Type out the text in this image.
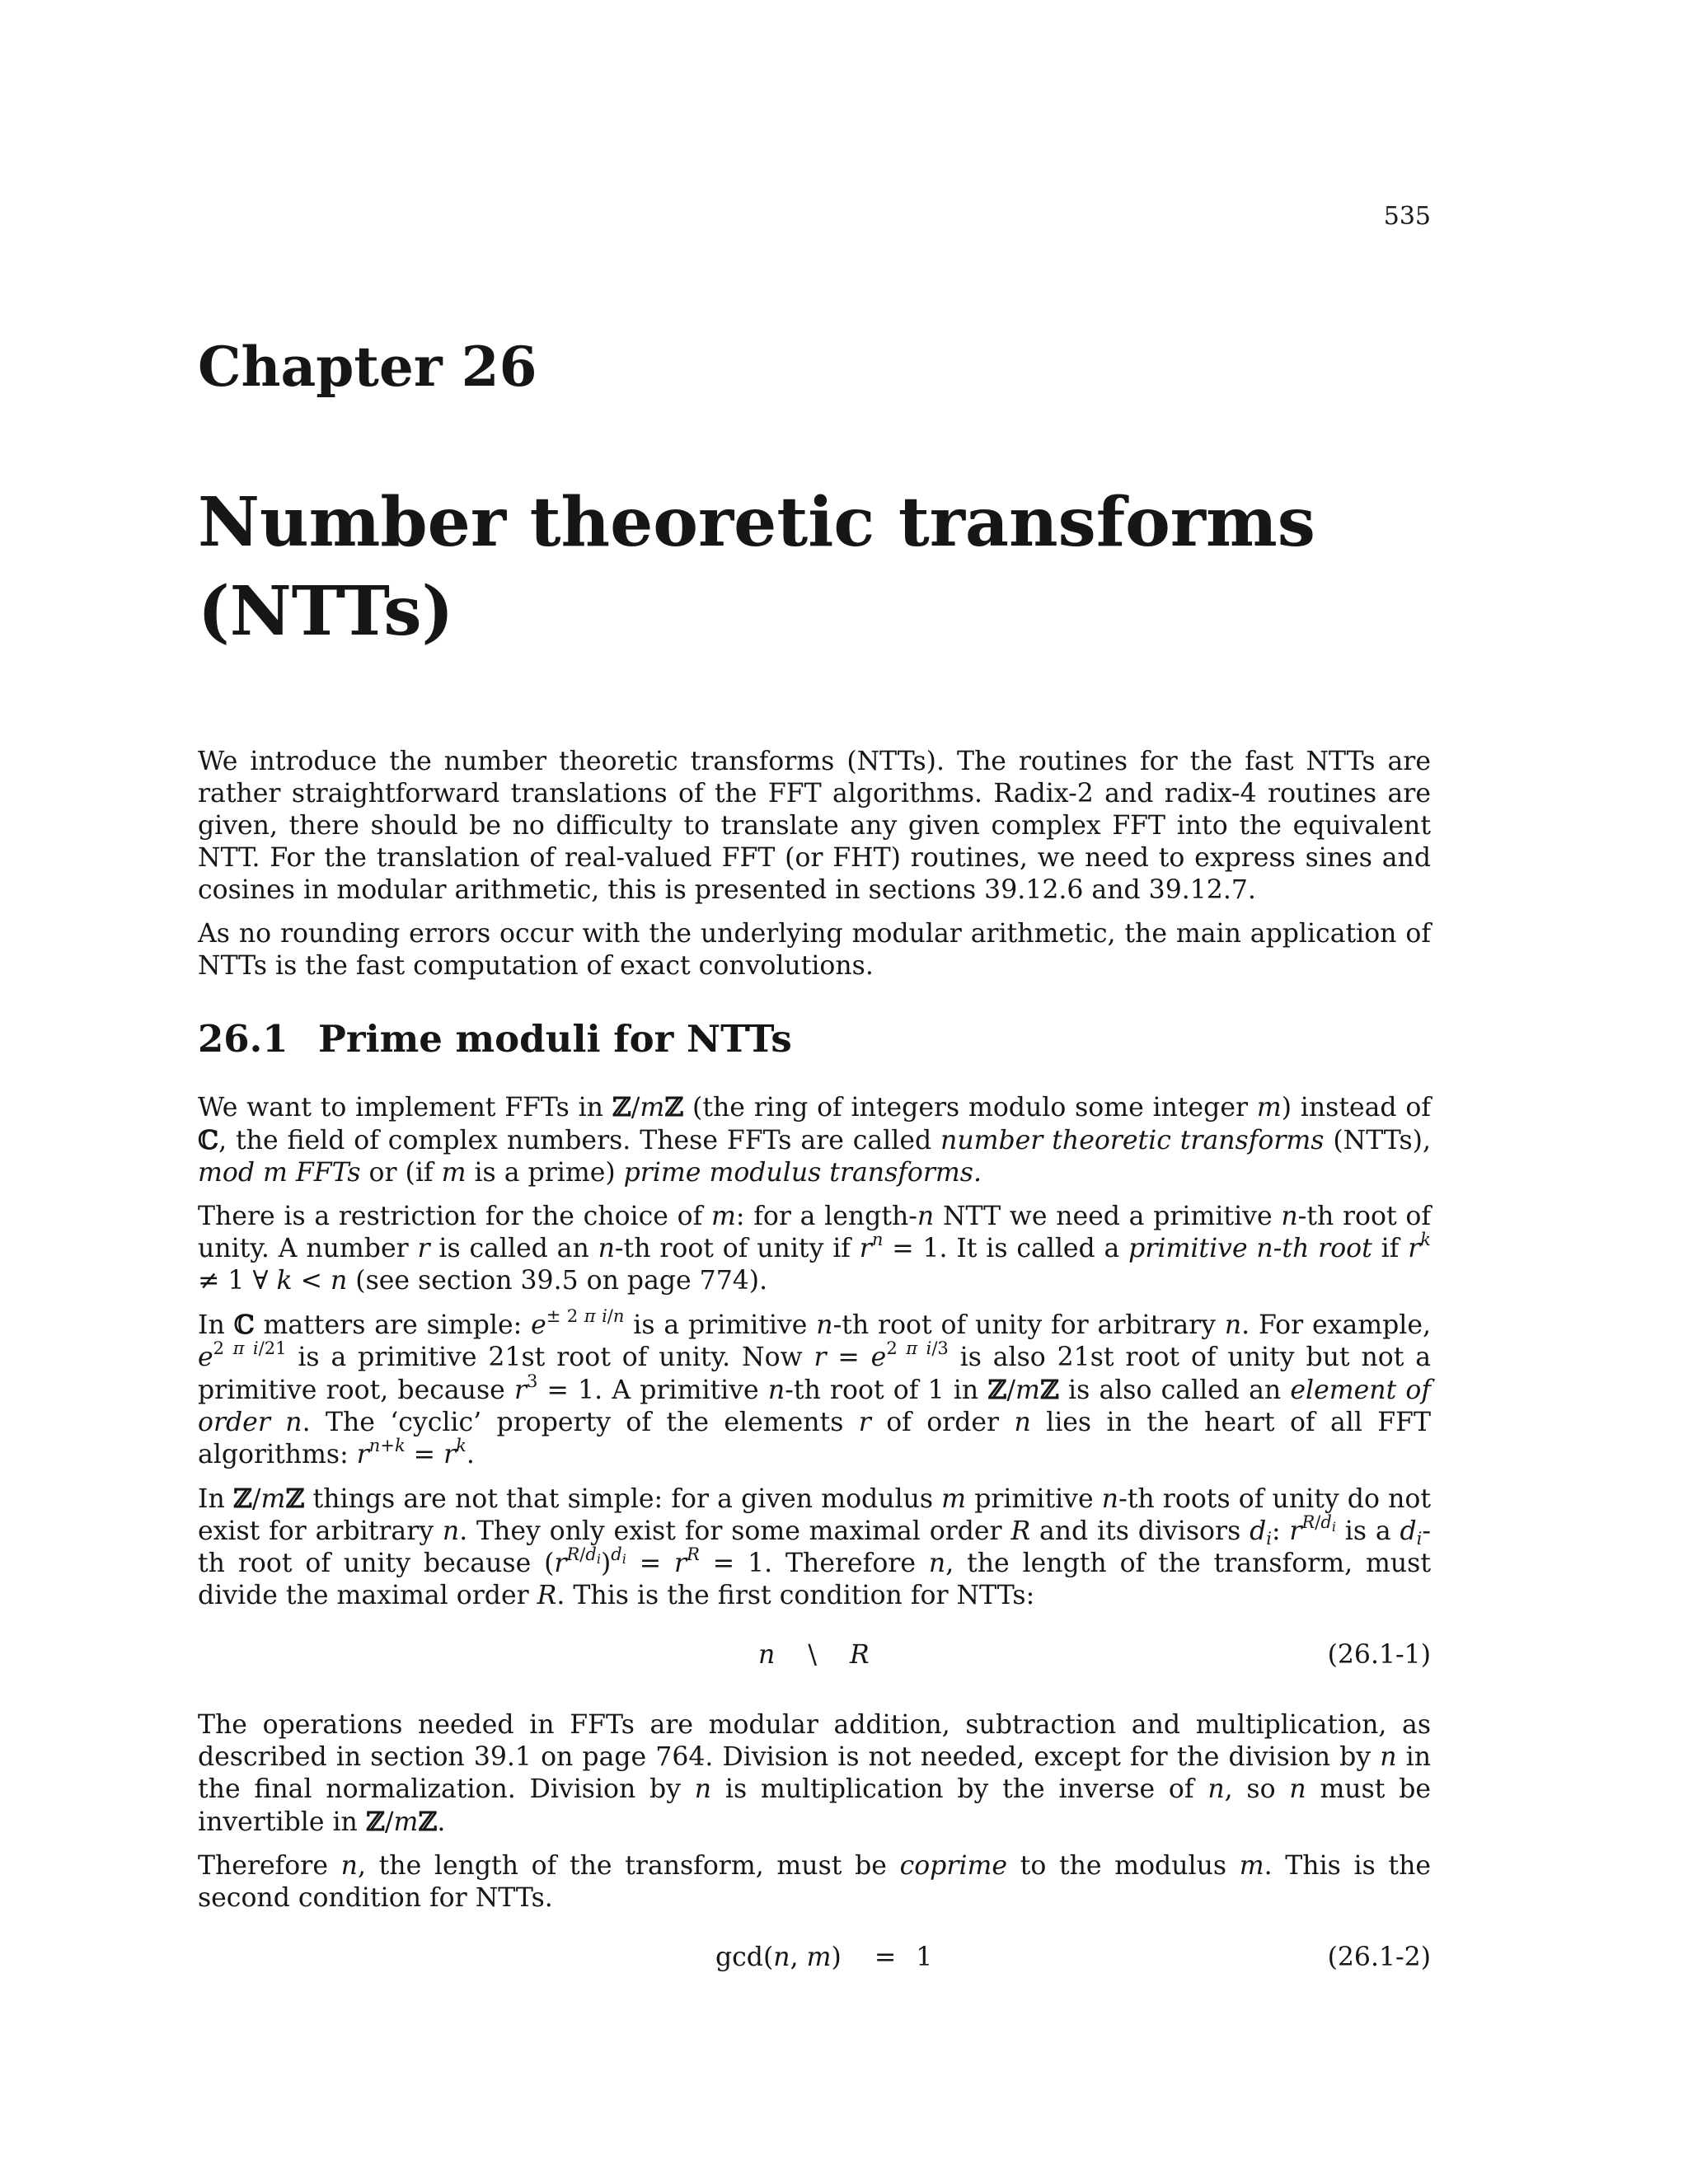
535
Chapter 26
Number theoretic transforms
(NTTs)

We introduce the number theoretic transforms (NTTs). The routines for the fast NTTs are rather straightforward translations of the FFT algorithms. Radix-2 and radix-4 routines are given, there should be no difficulty to translate any given complex FFT into the equivalent NTT. For the translation of real-valued FFT (or FHT) routines, we need to express sines and cosines in modular arithmetic, this is presented in sections 39.12.6 and 39.12.7.

As no rounding errors occur with the underlying modular arithmetic, the main application of NTTs is the fast computation of exact convolutions.

26.1 Prime moduli for NTTs

We want to implement FFTs in ℤ/mℤ (the ring of integers modulo some integer m) instead of ℂ, the field of complex numbers. These FFTs are called number theoretic transforms (NTTs), mod m FFTs or (if m is a prime) prime modulus transforms.

There is a restriction for the choice of m: for a length-n NTT we need a primitive n-th root of unity. A number r is called an n-th root of unity if $r^n = 1$. It is called a primitive n-th root if $r^k \ne 1$ ∀ k < n (see section 39.5 on page 774).

In ℂ matters are simple: $e^{\pm 2 \pi i/n}$ is a primitive n-th root of unity for arbitrary n. For example, $e^{2 \pi i/21}$ is a primitive 21st root of unity. Now $r = e^{2 \pi i/3}$ is also 21st root of unity but not a primitive root, because $r^3 = 1$. A primitive n-th root of 1 in ℤ/mℤ is also called an element of order n. The ‘cyclic’ property of the elements r of order n lies in the heart of all FFT algorithms: $r^{n+k} = r^k$.

In ℤ/mℤ things are not that simple: for a given modulus m primitive n-th roots of unity do not exist for arbitrary n. They only exist for some maximal order R and its divisors $d_i$: $r^{R/d_i}$ is a $d_i-th$ root of unity because $(r^{R/d_i})^{d_i} = r^R = 1$. Therefore n, the length of the transform, must divide the maximal order R. This is the first condition for NTTs:

n    \    R	(26.1-1)

The operations needed in FFTs are modular addition, subtraction and multiplication, as described in section 39.1 on page 764. Division is not needed, except for the division by n in the final normalization. Division by n is multiplication by the inverse of n, so n must be invertible in ℤ/mℤ.

Therefore n, the length of the transform, must be coprime to the modulus m. This is the second condition for NTTs.

gcd(n, m) = 1	(26.1-2)
